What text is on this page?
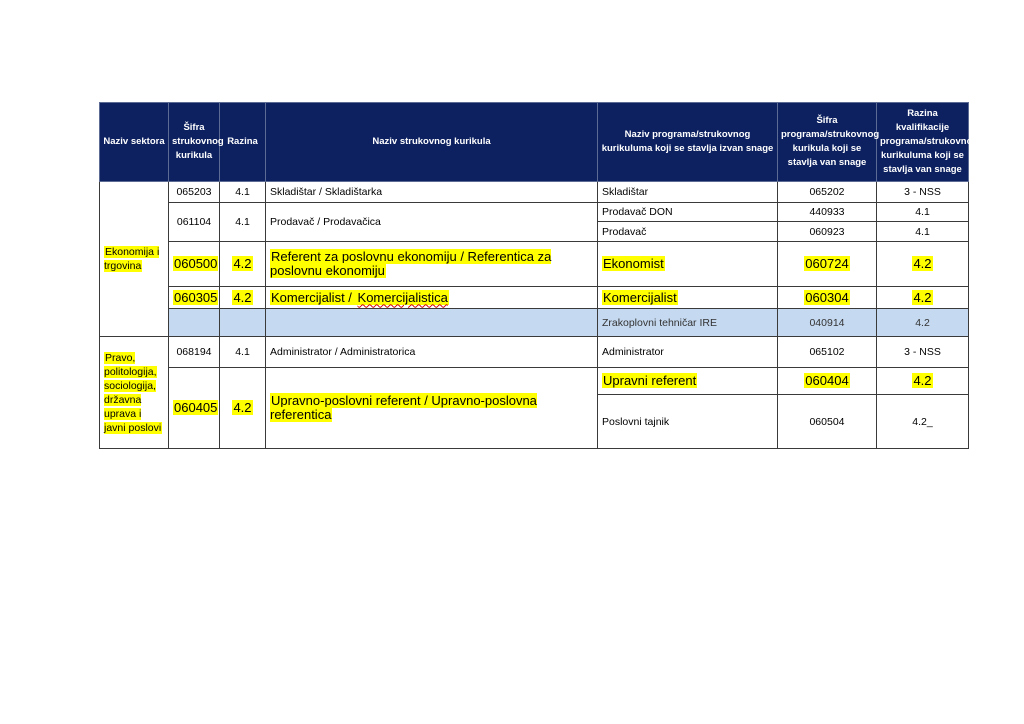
Naziv sektora	Šifra strukovnog kurikula	Razina	Naziv strukovnog kurikula	Naziv programa/strukovnog kurikuluma koji se stavlja izvan snage	Šifra programa/strukovnog kurikula koji se stavlja van snage	Razina kvalifikacije programa/strukovnog kurikuluma koji se stavlja van snage
Ekonomija i trgovina	065203	4.1	Skladištar / Skladištarka	Skladištar	065202	3 - NSS
	061104	4.1	Prodavač / Prodavačica	Prodavač DON	440933	4.1
				Prodavač	060923	4.1
	060500	4.2	Referent za poslovnu ekonomiju / Referentica za poslovnu ekonomiju	Ekonomist	060724	4.2
	060305	4.2	Komercijalist / Komercijalistica	Komercijalist	060304	4.2
				Zrakoplovni tehničar IRE	040914	4.2
Pravo, politologija, sociologija, državna uprava i javni poslovi	068194	4.1	Administrator / Administratorica	Administrator	065102	3 - NSS
	060405	4.2	Upravno-poslovni referent / Upravno-poslovna referentica	Upravni referent	060404	4.2
				Poslovni tajnik	060504	4.2_
